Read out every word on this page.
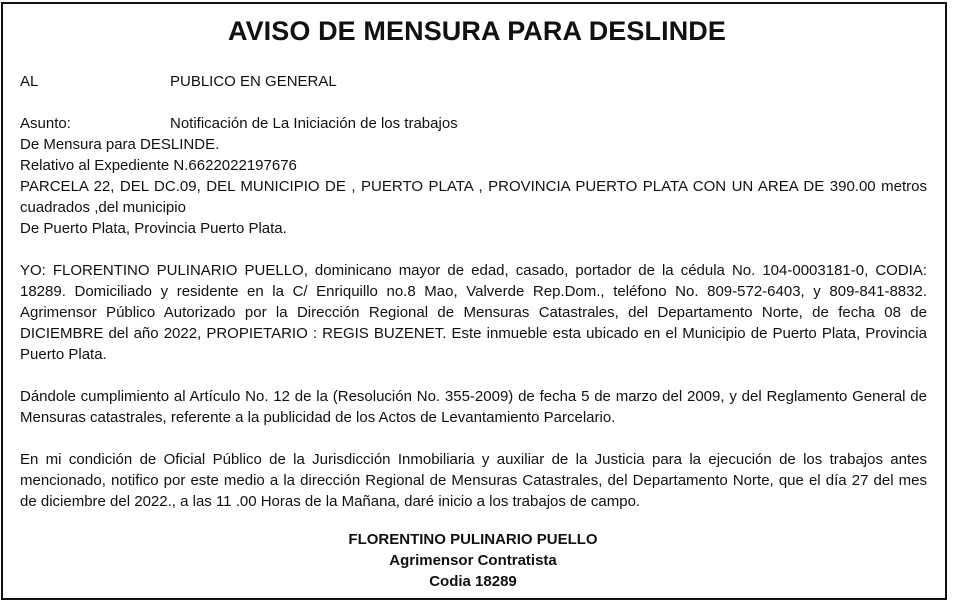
AVISO DE MENSURA PARA DESLINDE
AL	PUBLICO EN GENERAL
Asunto:	Notificación de La Iniciación de los trabajos
De Mensura para DESLINDE.
Relativo al Expediente N.6622022197676
PARCELA 22, DEL DC.09, DEL MUNICIPIO DE , PUERTO PLATA , PROVINCIA PUERTO PLATA CON UN AREA DE 390.00 metros cuadrados ,del municipio
De Puerto Plata, Provincia Puerto Plata.
YO: FLORENTINO PULINARIO PUELLO, dominicano mayor de edad, casado, portador de la cédula No. 104-0003181-0, CODIA: 18289. Domiciliado y residente en la C/ Enriquillo no.8 Mao, Valverde Rep.Dom., teléfono No. 809-572-6403, y 809-841-8832. Agrimensor Público Autorizado por la Dirección Regional de Mensuras Catastrales, del Departamento Norte, de fecha 08 de DICIEMBRE del año 2022, PROPIETARIO : REGIS BUZENET. Este inmueble esta ubicado en el Municipio de Puerto Plata, Provincia Puerto Plata.
Dándole cumplimiento al Artículo No. 12 de la (Resolución No. 355-2009) de fecha 5 de marzo del 2009, y del Reglamento General de Mensuras catastrales, referente a la publicidad de los Actos de Levantamiento Parcelario.
En mi condición de Oficial Público de la Jurisdicción Inmobiliaria y auxiliar de la Justicia para la ejecución de los trabajos antes mencionado, notifico por este medio a la dirección Regional de Mensuras Catastrales, del Departamento Norte, que el día 27 del mes de diciembre del 2022., a las 11 .00 Horas de la Mañana, daré inicio a los trabajos de campo.
FLORENTINO PULINARIO PUELLO
Agrimensor Contratista
Codia 18289
